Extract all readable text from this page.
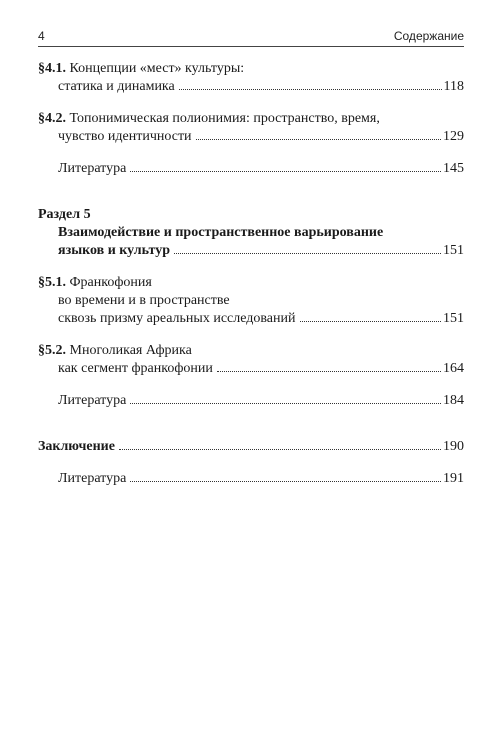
4	Содержание
§4.1. Концепции «мест» культуры:
статика и динамика	118
§4.2. Топонимическая полионимия: пространство, время,
чувство идентичности	129
Литература	145
Раздел 5
Взаимодействие и пространственное варьирование
языков и культур	151
§5.1. Франкофония
во времени и в пространстве
сквозь призму ареальных исследований	151
§5.2. Многоликая Африка
как сегмент франкофонии	164
Литература	184
Заключение	190
Литература	191
